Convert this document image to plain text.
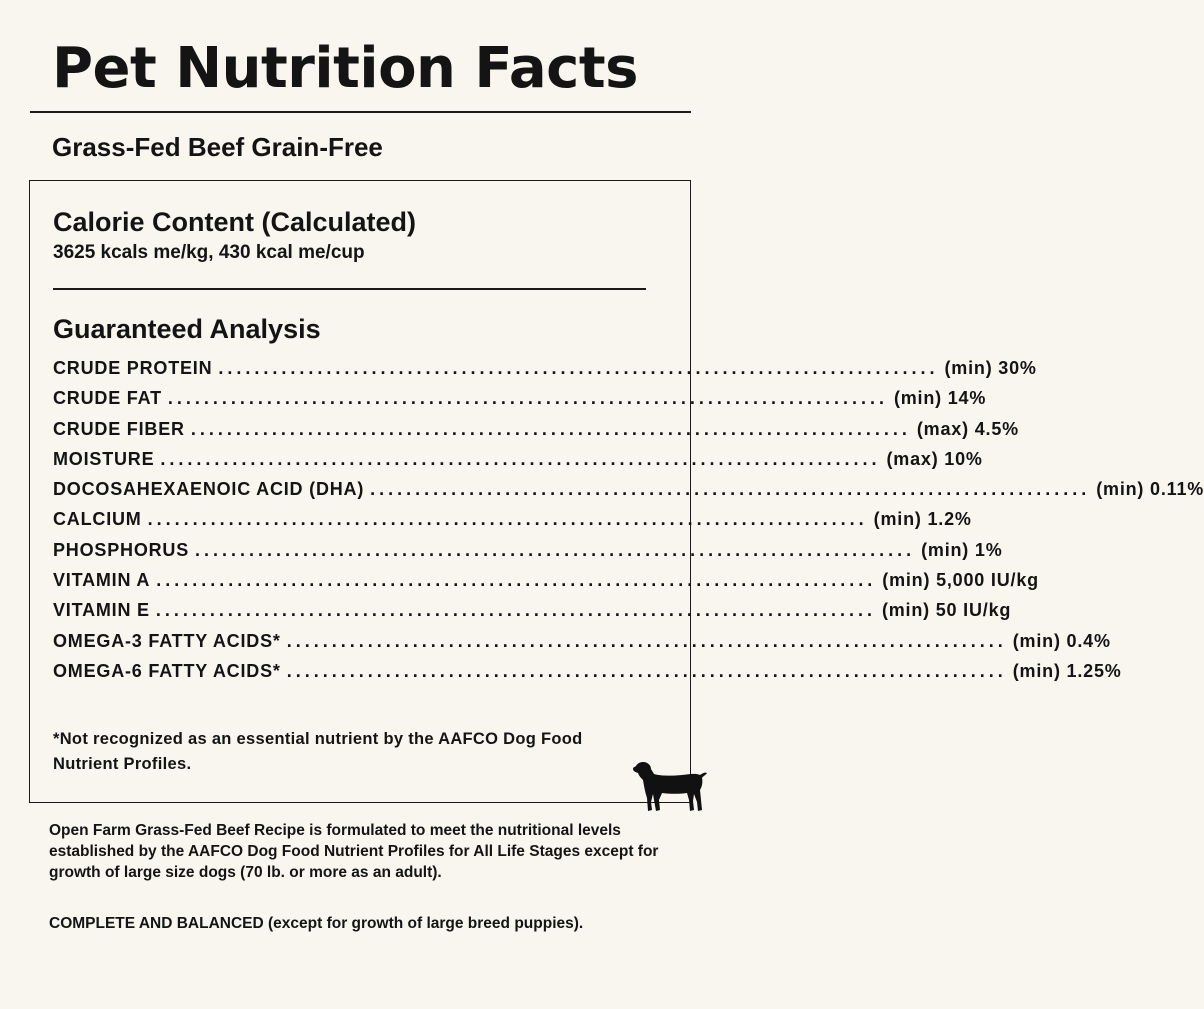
Pet Nutrition Facts
Grass-Fed Beef Grain-Free
Calorie Content (Calculated)
3625 kcals me/kg, 430 kcal me/cup
Guaranteed Analysis
CRUDE PROTEIN ................................................................................ (min) 30%
CRUDE FAT ................................................................................ (min) 14%
CRUDE FIBER ................................................................................ (max) 4.5%
MOISTURE ................................................................................ (max) 10%
DOCOSAHEXAENOIC ACID (DHA) ................................................................................ (min) 0.11%
CALCIUM ................................................................................ (min) 1.2%
PHOSPHORUS ................................................................................ (min) 1%
VITAMIN A ................................................................................ (min) 5,000 IU/kg
VITAMIN E ................................................................................ (min) 50 IU/kg
OMEGA-3 FATTY ACIDS* ................................................................................ (min) 0.4%
OMEGA-6 FATTY ACIDS* ................................................................................ (min) 1.25%
*Not recognized as an essential nutrient by the AAFCO Dog Food Nutrient Profiles.
Open Farm Grass-Fed Beef Recipe is formulated to meet the nutritional levels established by the AAFCO Dog Food Nutrient Profiles for All Life Stages except for growth of large size dogs (70 lb. or more as an adult).
COMPLETE AND BALANCED (except for growth of large breed puppies).
